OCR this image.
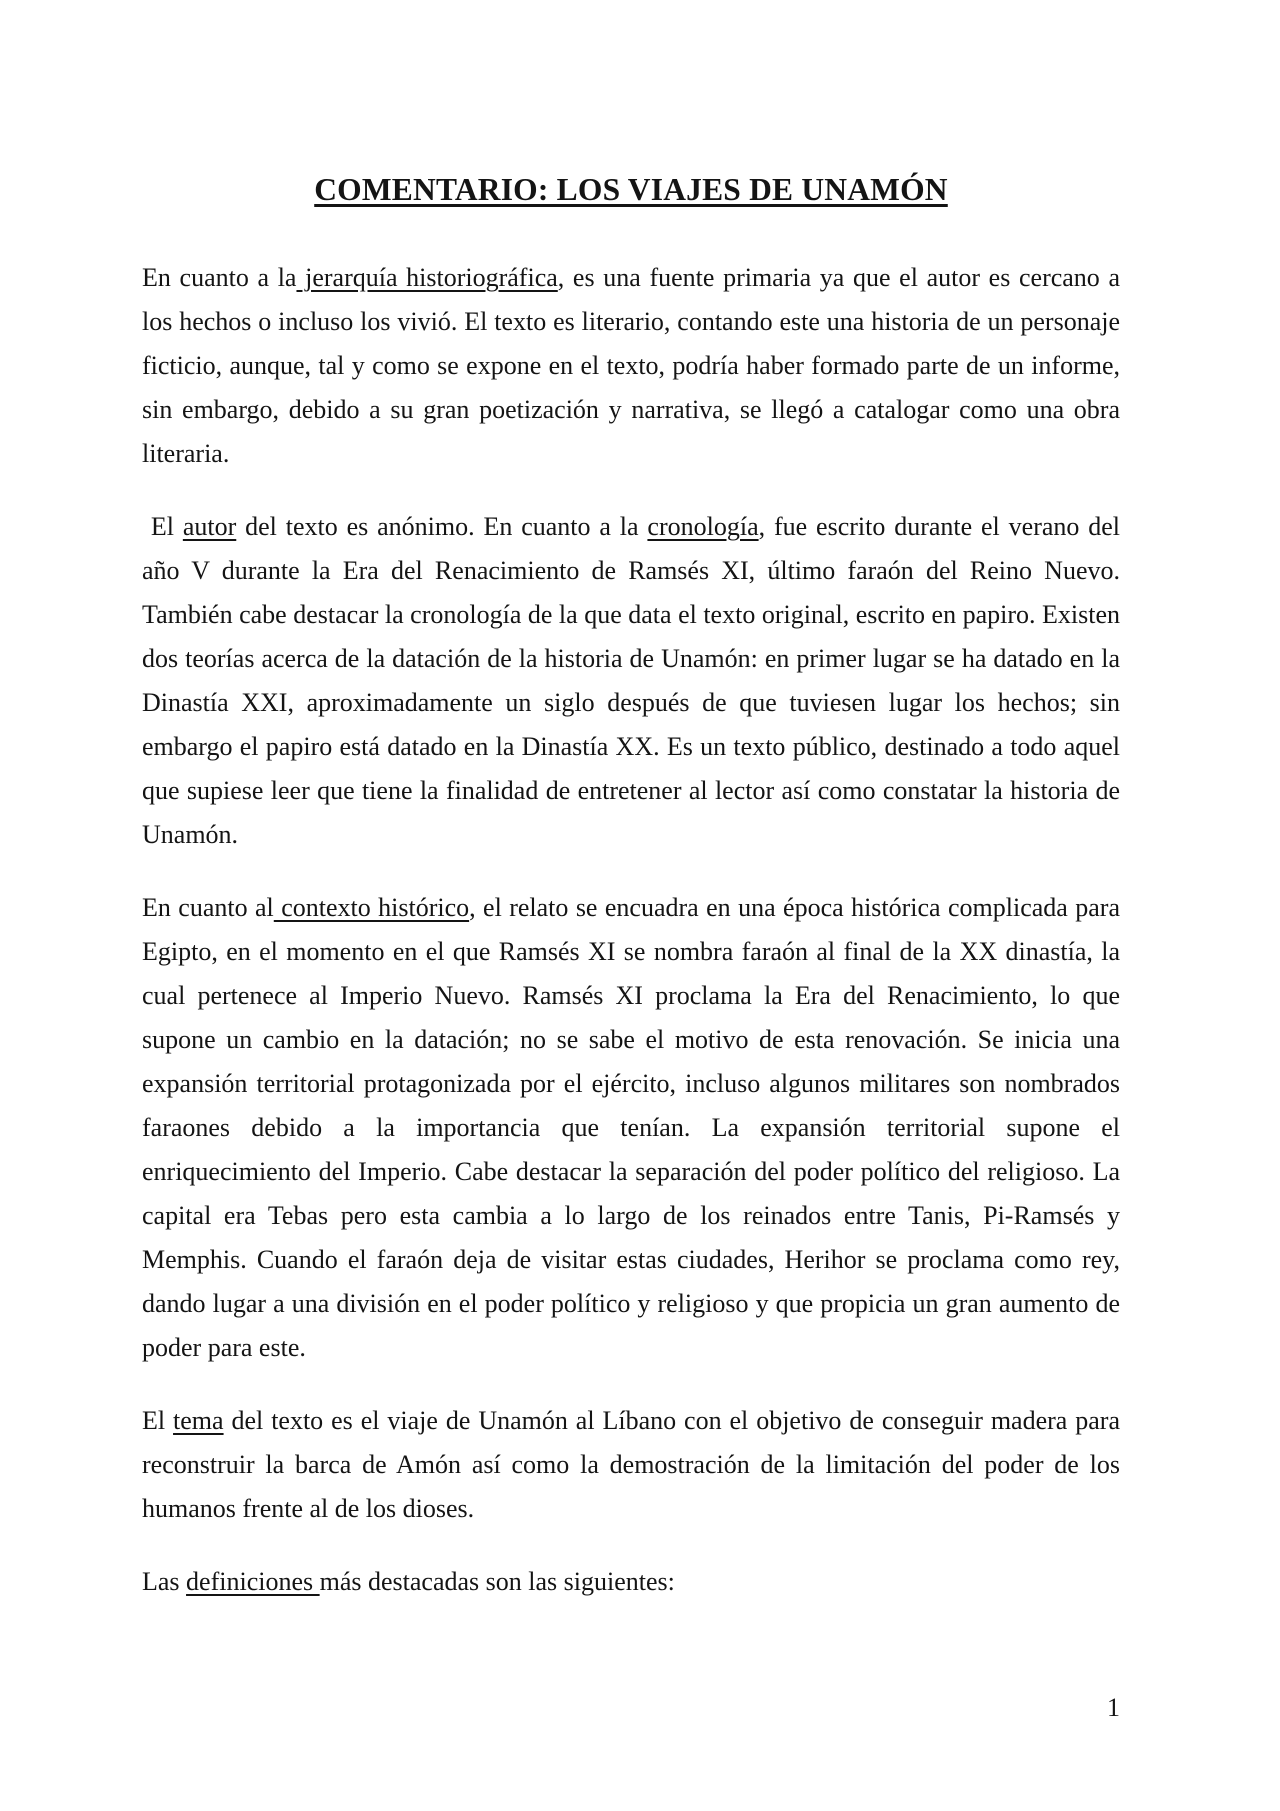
COMENTARIO: LOS VIAJES DE UNAMÓN

En cuanto a la jerarquía historiográfica, es una fuente primaria ya que el autor es cercano a los hechos o incluso los vivió. El texto es literario, contando este una historia de un personaje ficticio, aunque, tal y como se expone en el texto, podría haber formado parte de un informe, sin embargo, debido a su gran poetización y narrativa, se llegó a catalogar como una obra literaria.

El autor del texto es anónimo. En cuanto a la cronología, fue escrito durante el verano del año V durante la Era del Renacimiento de Ramsés XI, último faraón del Reino Nuevo. También cabe destacar la cronología de la que data el texto original, escrito en papiro. Existen dos teorías acerca de la datación de la historia de Unamón: en primer lugar se ha datado en la Dinastía XXI, aproximadamente un siglo después de que tuviesen lugar los hechos; sin embargo el papiro está datado en la Dinastía XX. Es un texto público, destinado a todo aquel que supiese leer que tiene la finalidad de entretener al lector así como constatar la historia de Unamón.

En cuanto al contexto histórico, el relato se encuadra en una época histórica complicada para Egipto, en el momento en el que Ramsés XI se nombra faraón al final de la XX dinastía, la cual pertenece al Imperio Nuevo. Ramsés XI proclama la Era del Renacimiento, lo que supone un cambio en la datación; no se sabe el motivo de esta renovación. Se inicia una expansión territorial protagonizada por el ejército, incluso algunos militares son nombrados faraones debido a la importancia que tenían. La expansión territorial supone el enriquecimiento del Imperio. Cabe destacar la separación del poder político del religioso. La capital era Tebas pero esta cambia a lo largo de los reinados entre Tanis, Pi-Ramsés y Memphis. Cuando el faraón deja de visitar estas ciudades, Herihor se proclama como rey, dando lugar a una división en el poder político y religioso y que propicia un gran aumento de poder para este.

El tema del texto es el viaje de Unamón al Líbano con el objetivo de conseguir madera para reconstruir la barca de Amón así como la demostración de la limitación del poder de los humanos frente al de los dioses.

Las definiciones más destacadas son las siguientes:

1
